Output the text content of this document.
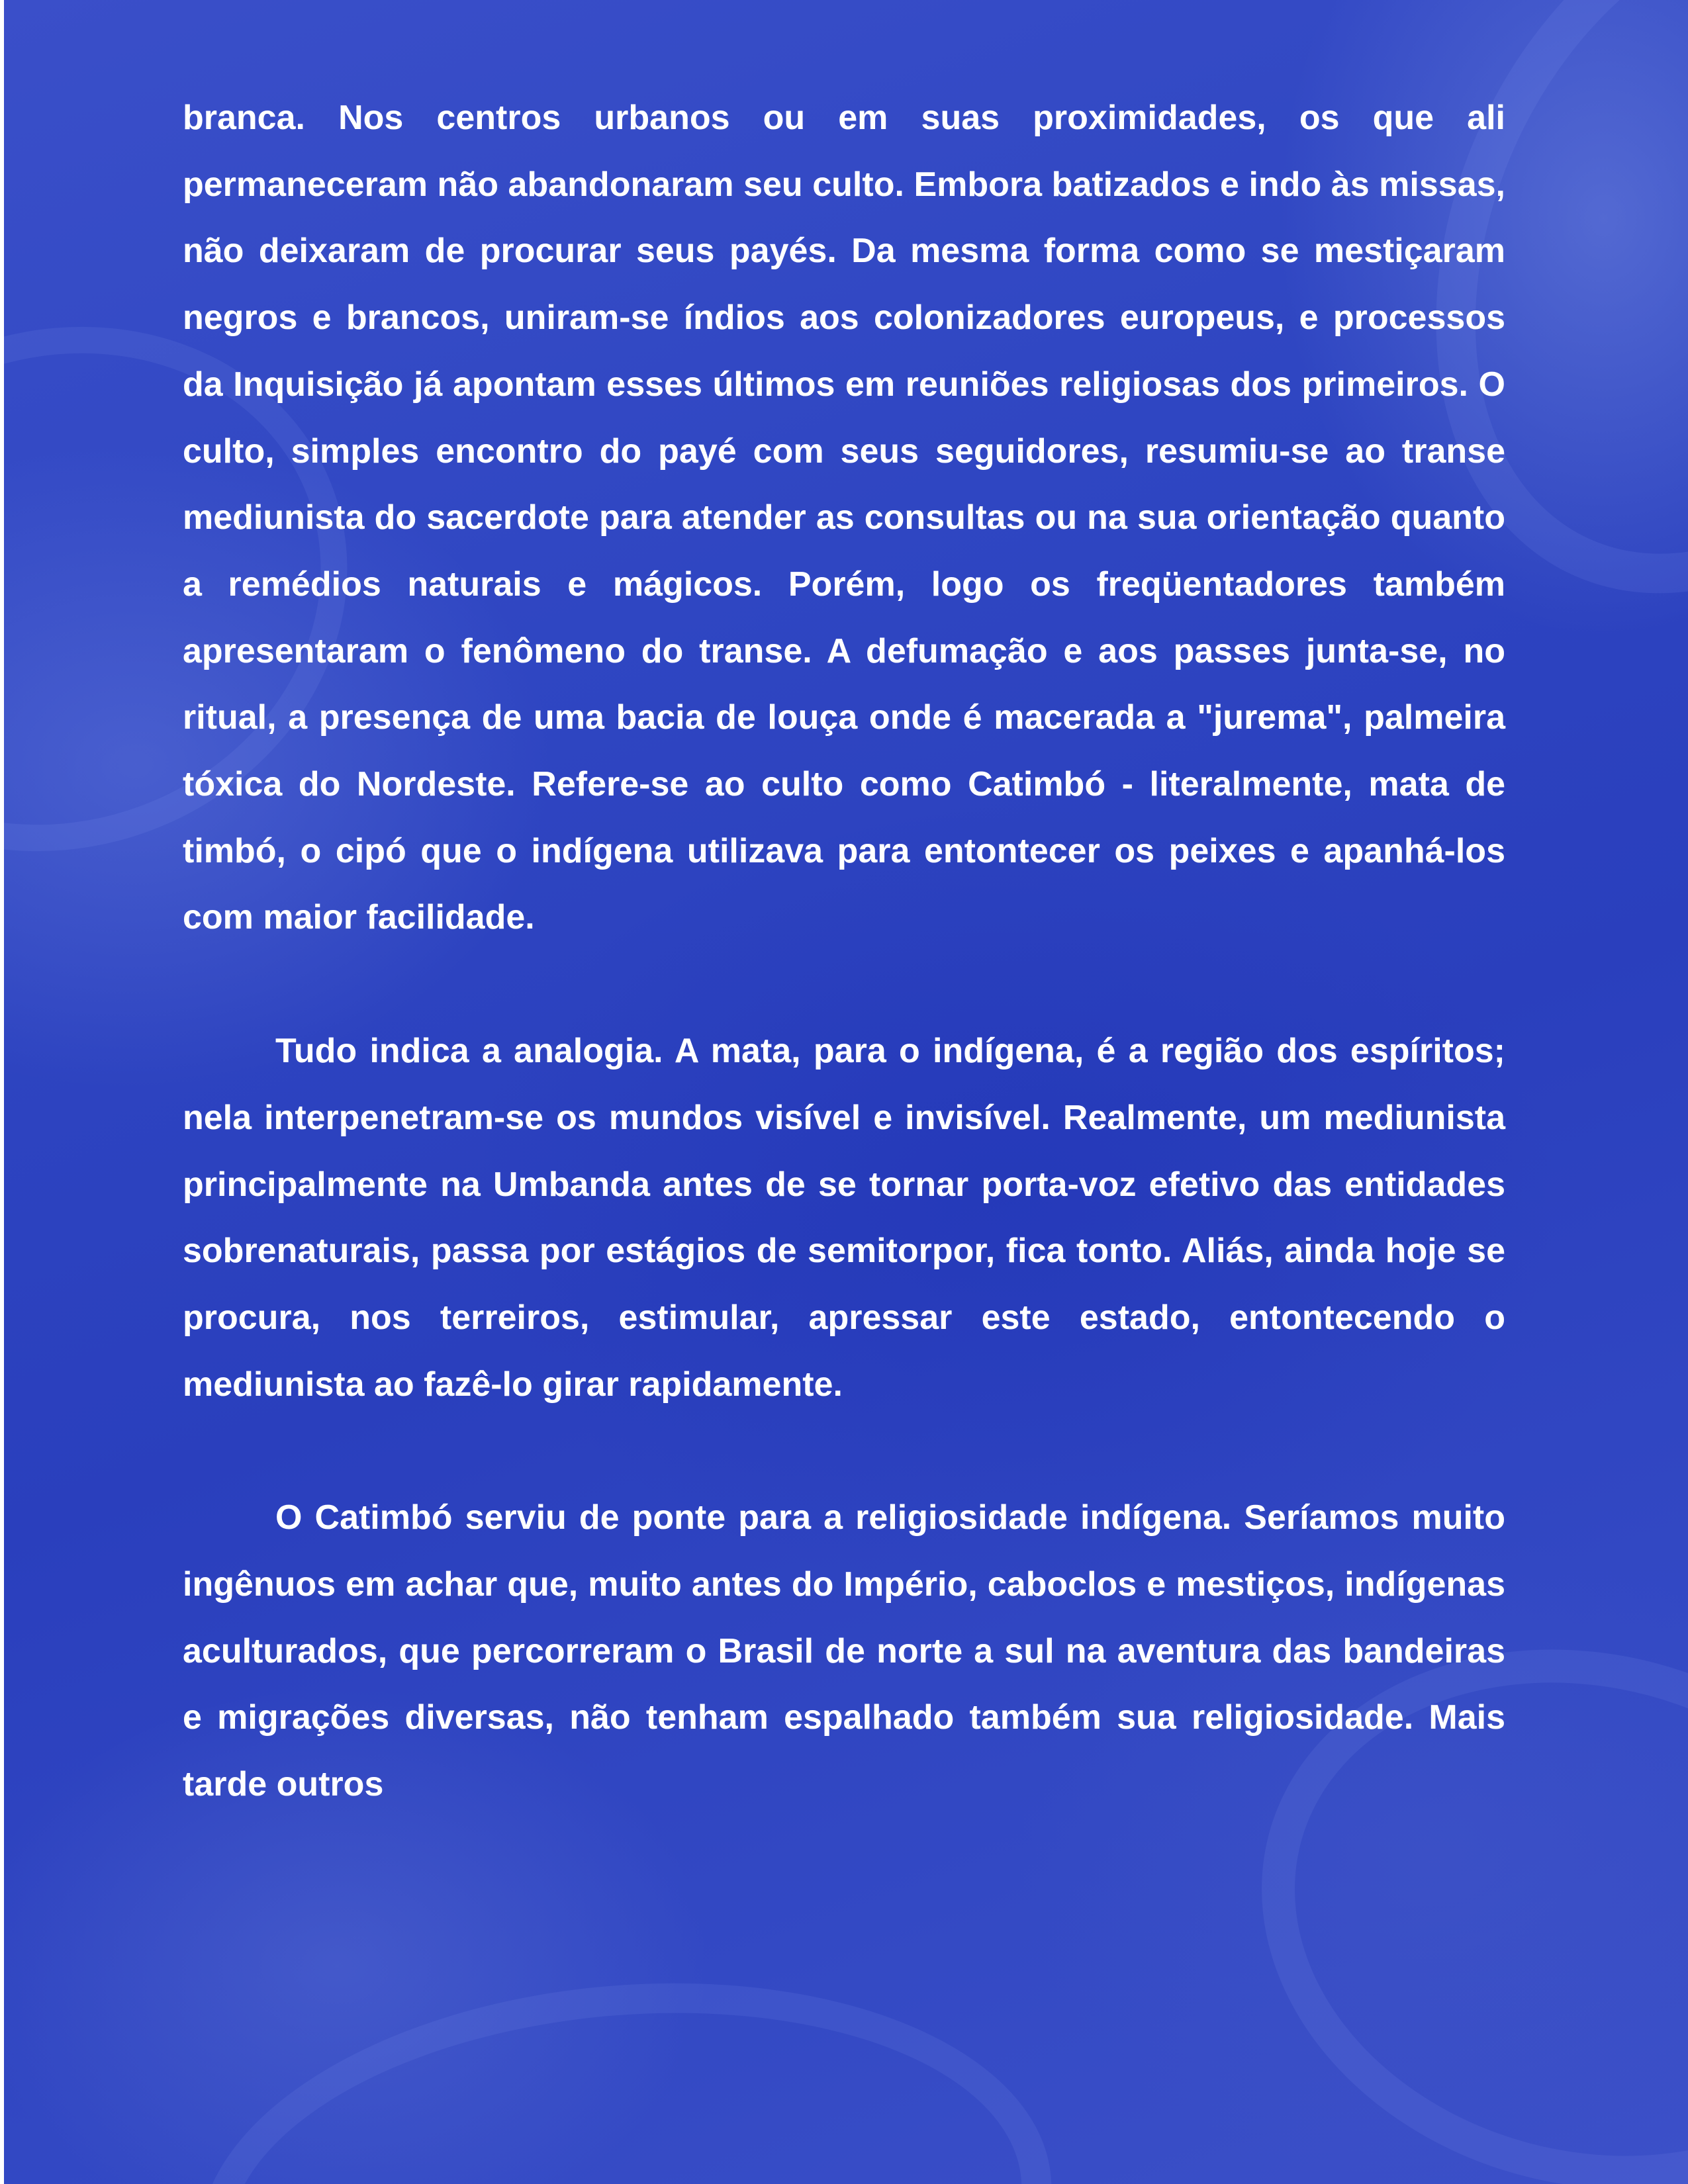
branca. Nos centros urbanos ou em suas proximidades, os que ali permaneceram não abandonaram seu culto. Embora batizados e indo às missas, não deixaram de procurar seus payés. Da mesma forma como se mestiçaram negros e brancos, uniram-se índios aos colonizadores europeus, e processos da Inquisição já apontam esses últimos em reuniões religiosas dos primeiros. O culto, simples encontro do payé com seus seguidores, resumiu-se ao transe mediunista do sacerdote para atender as consultas ou na sua orientação quanto a remédios naturais e mágicos. Porém, logo os freqüentadores também apresentaram o fenômeno do transe. A defumação e aos passes junta-se, no ritual, a presença de uma bacia de louça onde é macerada a "jurema", palmeira tóxica do Nordeste. Refere-se ao culto como Catimbó - literalmente, mata de timbó, o cipó que o indígena utilizava para entontecer os peixes e apanhá-los com maior facilidade.

Tudo indica a analogia. A mata, para o indígena, é a região dos espíritos; nela interpenetram-se os mundos visível e invisível. Realmente, um mediunista principalmente na Umbanda antes de se tornar porta-voz efetivo das entidades sobrenaturais, passa por estágios de semitorpor, fica tonto. Aliás, ainda hoje se procura, nos terreiros, estimular, apressar este estado, entontecendo o mediunista ao fazê-lo girar rapidamente.

O Catimbó serviu de ponte para a religiosidade indígena. Seríamos muito ingênuos em achar que, muito antes do Império, caboclos e mestiços, indígenas aculturados, que percorreram o Brasil de norte a sul na aventura das bandeiras e migrações diversas, não tenham espalhado também sua religiosidade. Mais tarde outros
